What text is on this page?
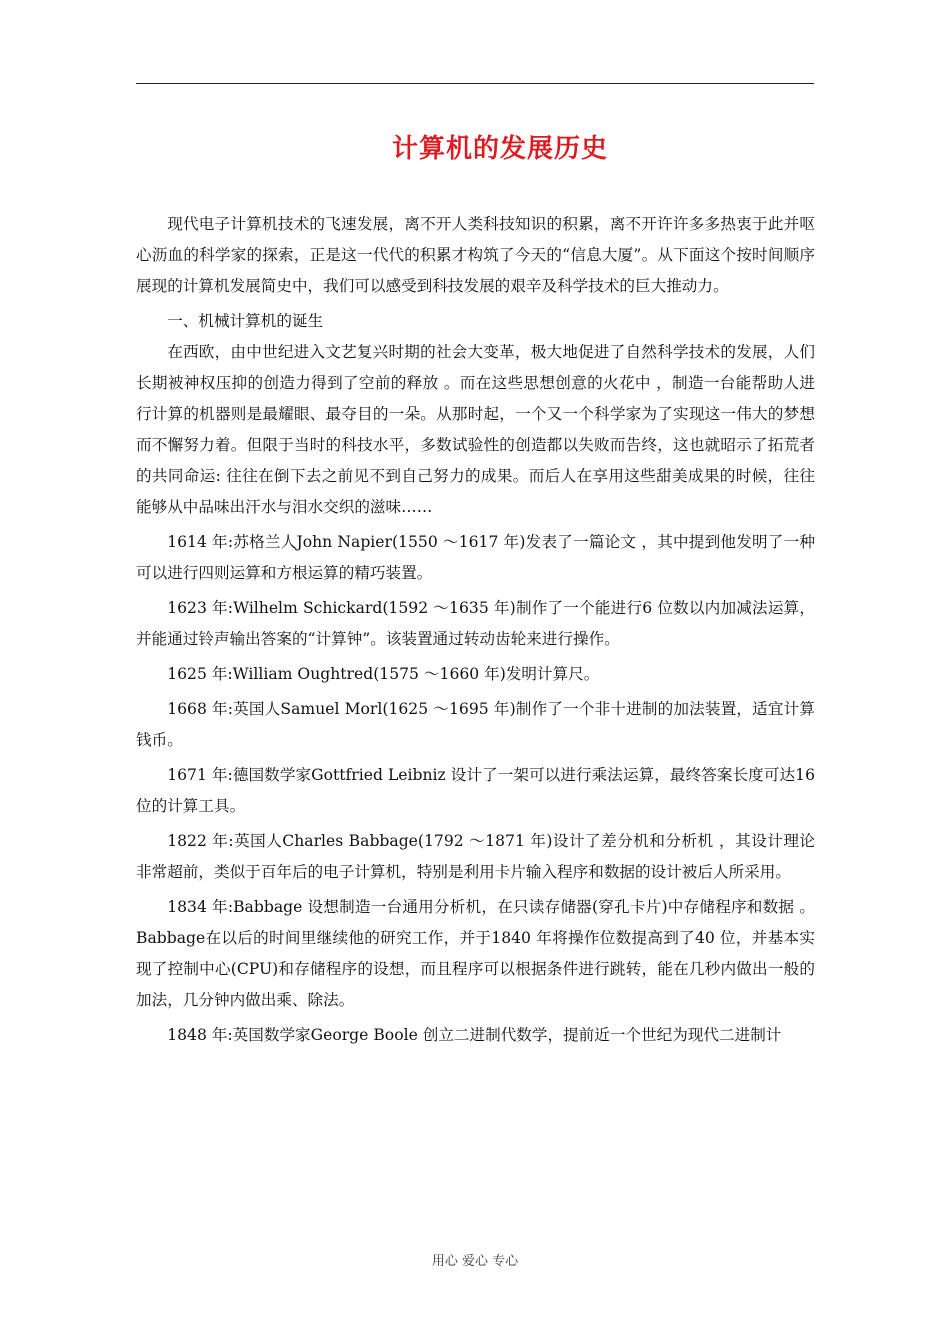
计算机的发展历史

现代电子计算机技术的飞速发展，离不开人类科技知识的积累，离不开许许多多热衷于此并呕心沥血的科学家的探索，正是这一代代的积累才构筑了今天的“信息大厦”。从下面这个按时间顺序展现的计算机发展简史中，我们可以感受到科技发展的艰辛及科学技术的巨大推动力。

一、机械计算机的诞生

在西欧，由中世纪进入文艺复兴时期的社会大变革，极大地促进了自然科学技术的发展，人们长期被神权压抑的创造力得到了空前的释放 。而在这些思想创意的火花中 ，制造一台能帮助人进行计算的机器则是最耀眼、最夺目的一朵。从那时起，一个又一个科学家为了实现这一伟大的梦想而不懈努力着。但限于当时的科技水平，多数试验性的创造都以失败而告终，这也就昭示了拓荒者的共同命运: 往往在倒下去之前见不到自己努力的成果。而后人在享用这些甜美成果的时候，往往能够从中品味出汗水与泪水交织的滋味……

1614 年:苏格兰人John Napier(1550 ～1617 年)发表了一篇论文 ，其中提到他发明了一种可以进行四则运算和方根运算的精巧装置。

1623 年:Wilhelm Schickard(1592 ～1635 年)制作了一个能进行6 位数以内加减法运算，并能通过铃声输出答案的“计算钟”。该装置通过转动齿轮来进行操作。

1625 年:William Oughtred(1575 ～1660 年)发明计算尺。

1668 年:英国人Samuel Morl(1625 ～1695 年)制作了一个非十进制的加法装置，适宜计算钱币。

1671 年:德国数学家Gottfried Leibniz 设计了一架可以进行乘法运算，最终答案长度可达16位的计算工具。

1822 年:英国人Charles Babbage(1792 ～1871 年)设计了差分机和分析机 ，其设计理论非常超前，类似于百年后的电子计算机，特别是利用卡片输入程序和数据的设计被后人所采用。

1834 年:Babbage 设想制造一台通用分析机，在只读存储器(穿孔卡片)中存储程序和数据 。Babbage在以后的时间里继续他的研究工作，并于1840 年将操作位数提高到了40 位，并基本实现了控制中心(CPU)和存储程序的设想，而且程序可以根据条件进行跳转，能在几秒内做出一般的加法，几分钟内做出乘、除法。

1848 年:英国数学家George Boole 创立二进制代数学，提前近一个世纪为现代二进制计

用心 爱心 专心
